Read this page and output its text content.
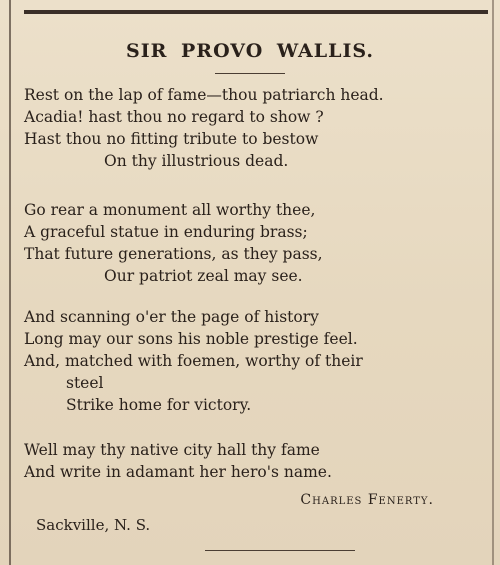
SIR PROVO WALLIS.
Rest on the lap of fame—thou patriarch head.
Acadia! hast thou no regard to show ?
Hast thou no fitting tribute to bestow
On thy illustrious dead.
Go rear a monument all worthy thee,
A graceful statue in enduring brass;
That future generations, as they pass,
Our patriot zeal may see.
And scanning o'er the page of history
Long may our sons his noble prestige feel.
And, matched with foemen, worthy of their
steel
Strike home for victory.
Well may thy native city hall thy fame
And write in adamant her hero's name.
Charles Fenerty.
Sackville, N. S.
